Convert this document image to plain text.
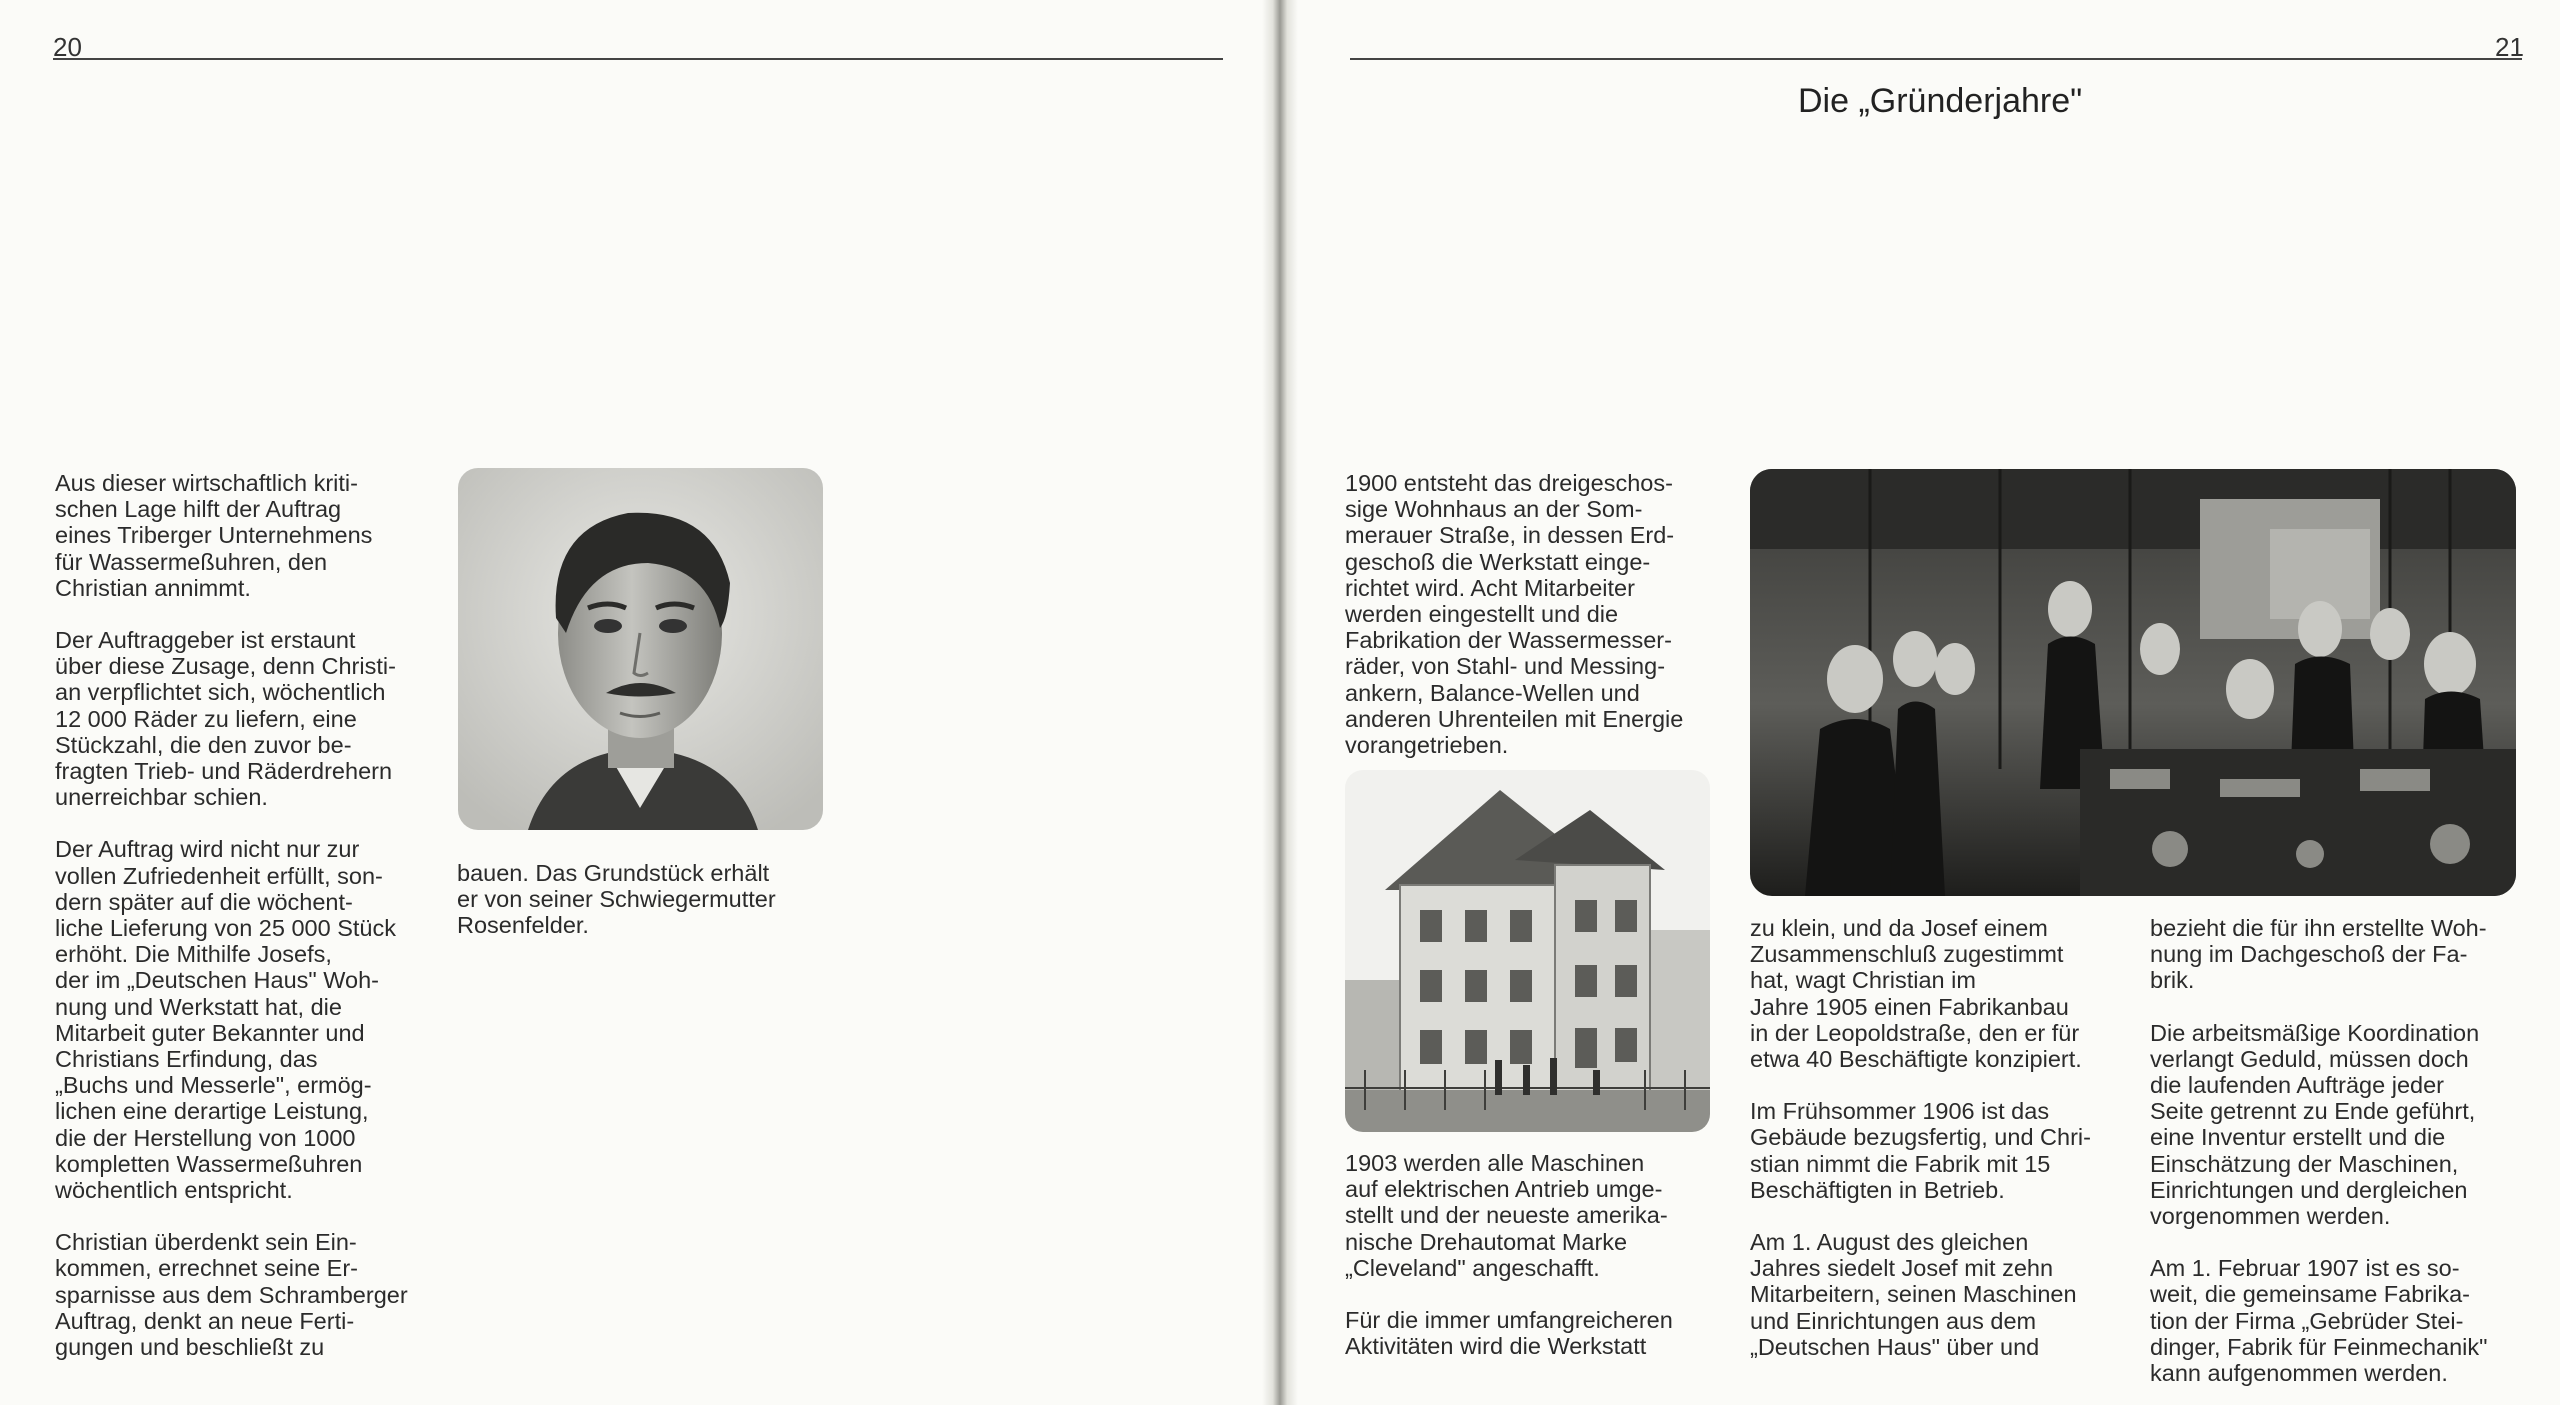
20

Aus dieser wirtschaftlich kriti-
schen Lage hilft der Auftrag
eines Triberger Unternehmens
für Wassermeßuhren, den
Christian annimmt.

Der Auftraggeber ist erstaunt
über diese Zusage, denn Christi-
an verpflichtet sich, wöchentlich
12 000 Räder zu liefern, eine
Stückzahl, die den zuvor be-
fragten Trieb- und Räderdrehern
unerreichbar schien.

Der Auftrag wird nicht nur zur
vollen Zufriedenheit erfüllt, son-
dern später auf die wöchent-
liche Lieferung von 25 000 Stück
erhöht. Die Mithilfe Josefs,
der im „Deutschen Haus" Woh-
nung und Werkstatt hat, die
Mitarbeit guter Bekannter und
Christians Erfindung, das
„Buchs und Messerle", ermög-
lichen eine derartige Leistung,
die der Herstellung von 1000
kompletten Wassermeßuhren
wöchentlich entspricht.

Christian überdenkt sein Ein-
kommen, errechnet seine Er-
sparnisse aus dem Schramberger
Auftrag, denkt an neue Ferti-
gungen und beschließt zu

bauen. Das Grundstück erhält
er von seiner Schwiegermutter
Rosenfelder.

21
Die „Gründerjahre"

1900 entsteht das dreigeschos-
sige Wohnhaus an der Som-
merauer Straße, in dessen Erd-
geschoß die Werkstatt einge-
richtet wird. Acht Mitarbeiter
werden eingestellt und die
Fabrikation der Wassermesser-
räder, von Stahl- und Messing-
ankern, Balance-Wellen und
anderen Uhrenteilen mit Energie
vorangetrieben.

1903 werden alle Maschinen
auf elektrischen Antrieb umge-
stellt und der neueste amerika-
nische Drehautomat Marke
„Cleveland" angeschafft.

Für die immer umfangreicheren
Aktivitäten wird die Werkstatt

zu klein, und da Josef einem
Zusammenschluß zugestimmt
hat, wagt Christian im
Jahre 1905 einen Fabrikanbau
in der Leopoldstraße, den er für
etwa 40 Beschäftigte konzipiert.

Im Frühsommer 1906 ist das
Gebäude bezugsfertig, und Chri-
stian nimmt die Fabrik mit 15
Beschäftigten in Betrieb.

Am 1. August des gleichen
Jahres siedelt Josef mit zehn
Mitarbeitern, seinen Maschinen
und Einrichtungen aus dem
„Deutschen Haus" über und

bezieht die für ihn erstellte Woh-
nung im Dachgeschoß der Fa-
brik.

Die arbeitsmäßige Koordination
verlangt Geduld, müssen doch
die laufenden Aufträge jeder
Seite getrennt zu Ende geführt,
eine Inventur erstellt und die
Einschätzung der Maschinen,
Einrichtungen und dergleichen
vorgenommen werden.

Am 1. Februar 1907 ist es so-
weit, die gemeinsame Fabrika-
tion der Firma „Gebrüder Stei-
dinger, Fabrik für Feinmechanik"
kann aufgenommen werden.
